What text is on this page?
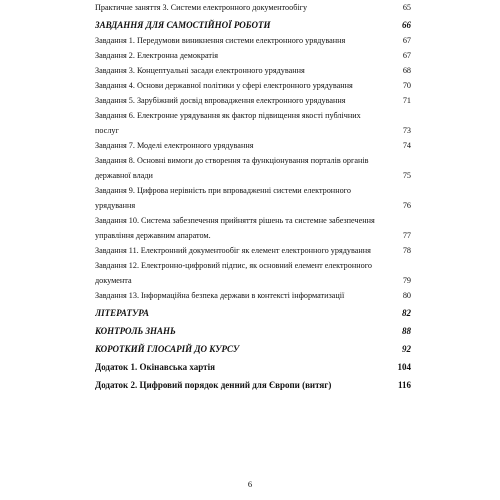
Практичне заняття 3. Системи електронного документообігу	65
ЗАВДАННЯ ДЛЯ САМОСТІЙНОЇ РОБОТИ	66
Завдання 1. Передумови виникнення системи електронного урядування	67
Завдання 2. Електронна демократія	67
Завдання 3. Концептуальні засади електронного урядування	68
Завдання 4. Основи державної політики у сфері електронного урядування	70
Завдання 5. Зарубіжний досвід впровадження електронного урядування	71
Завдання 6. Електронне урядування як фактор підвищення якості публічних послуг	73
Завдання 7. Моделі електронного урядування	74
Завдання 8. Основні вимоги до створення та функціонування порталів органів державної влади	75
Завдання 9. Цифрова нерівність при впровадженні системи електронного урядування	76
Завдання 10. Система забезпечення прийняття рішень та системне забезпечення управління державним апаратом.	77
Завдання 11. Електронний документообіг як елемент електронного урядування	78
Завдання 12. Електронно-цифровий підпис, як основний елемент електронного документа	79
Завдання 13. Інформаційна безпека держави в контексті інформатизації	80
ЛІТЕРАТУРА	82
КОНТРОЛЬ ЗНАНЬ	88
КОРОТКИЙ ГЛОСАРІЙ ДО КУРСУ	92
Додаток 1. Окінавська хартія	104
Додаток 2. Цифровий порядок денний для Європи (витяг)	116
6
